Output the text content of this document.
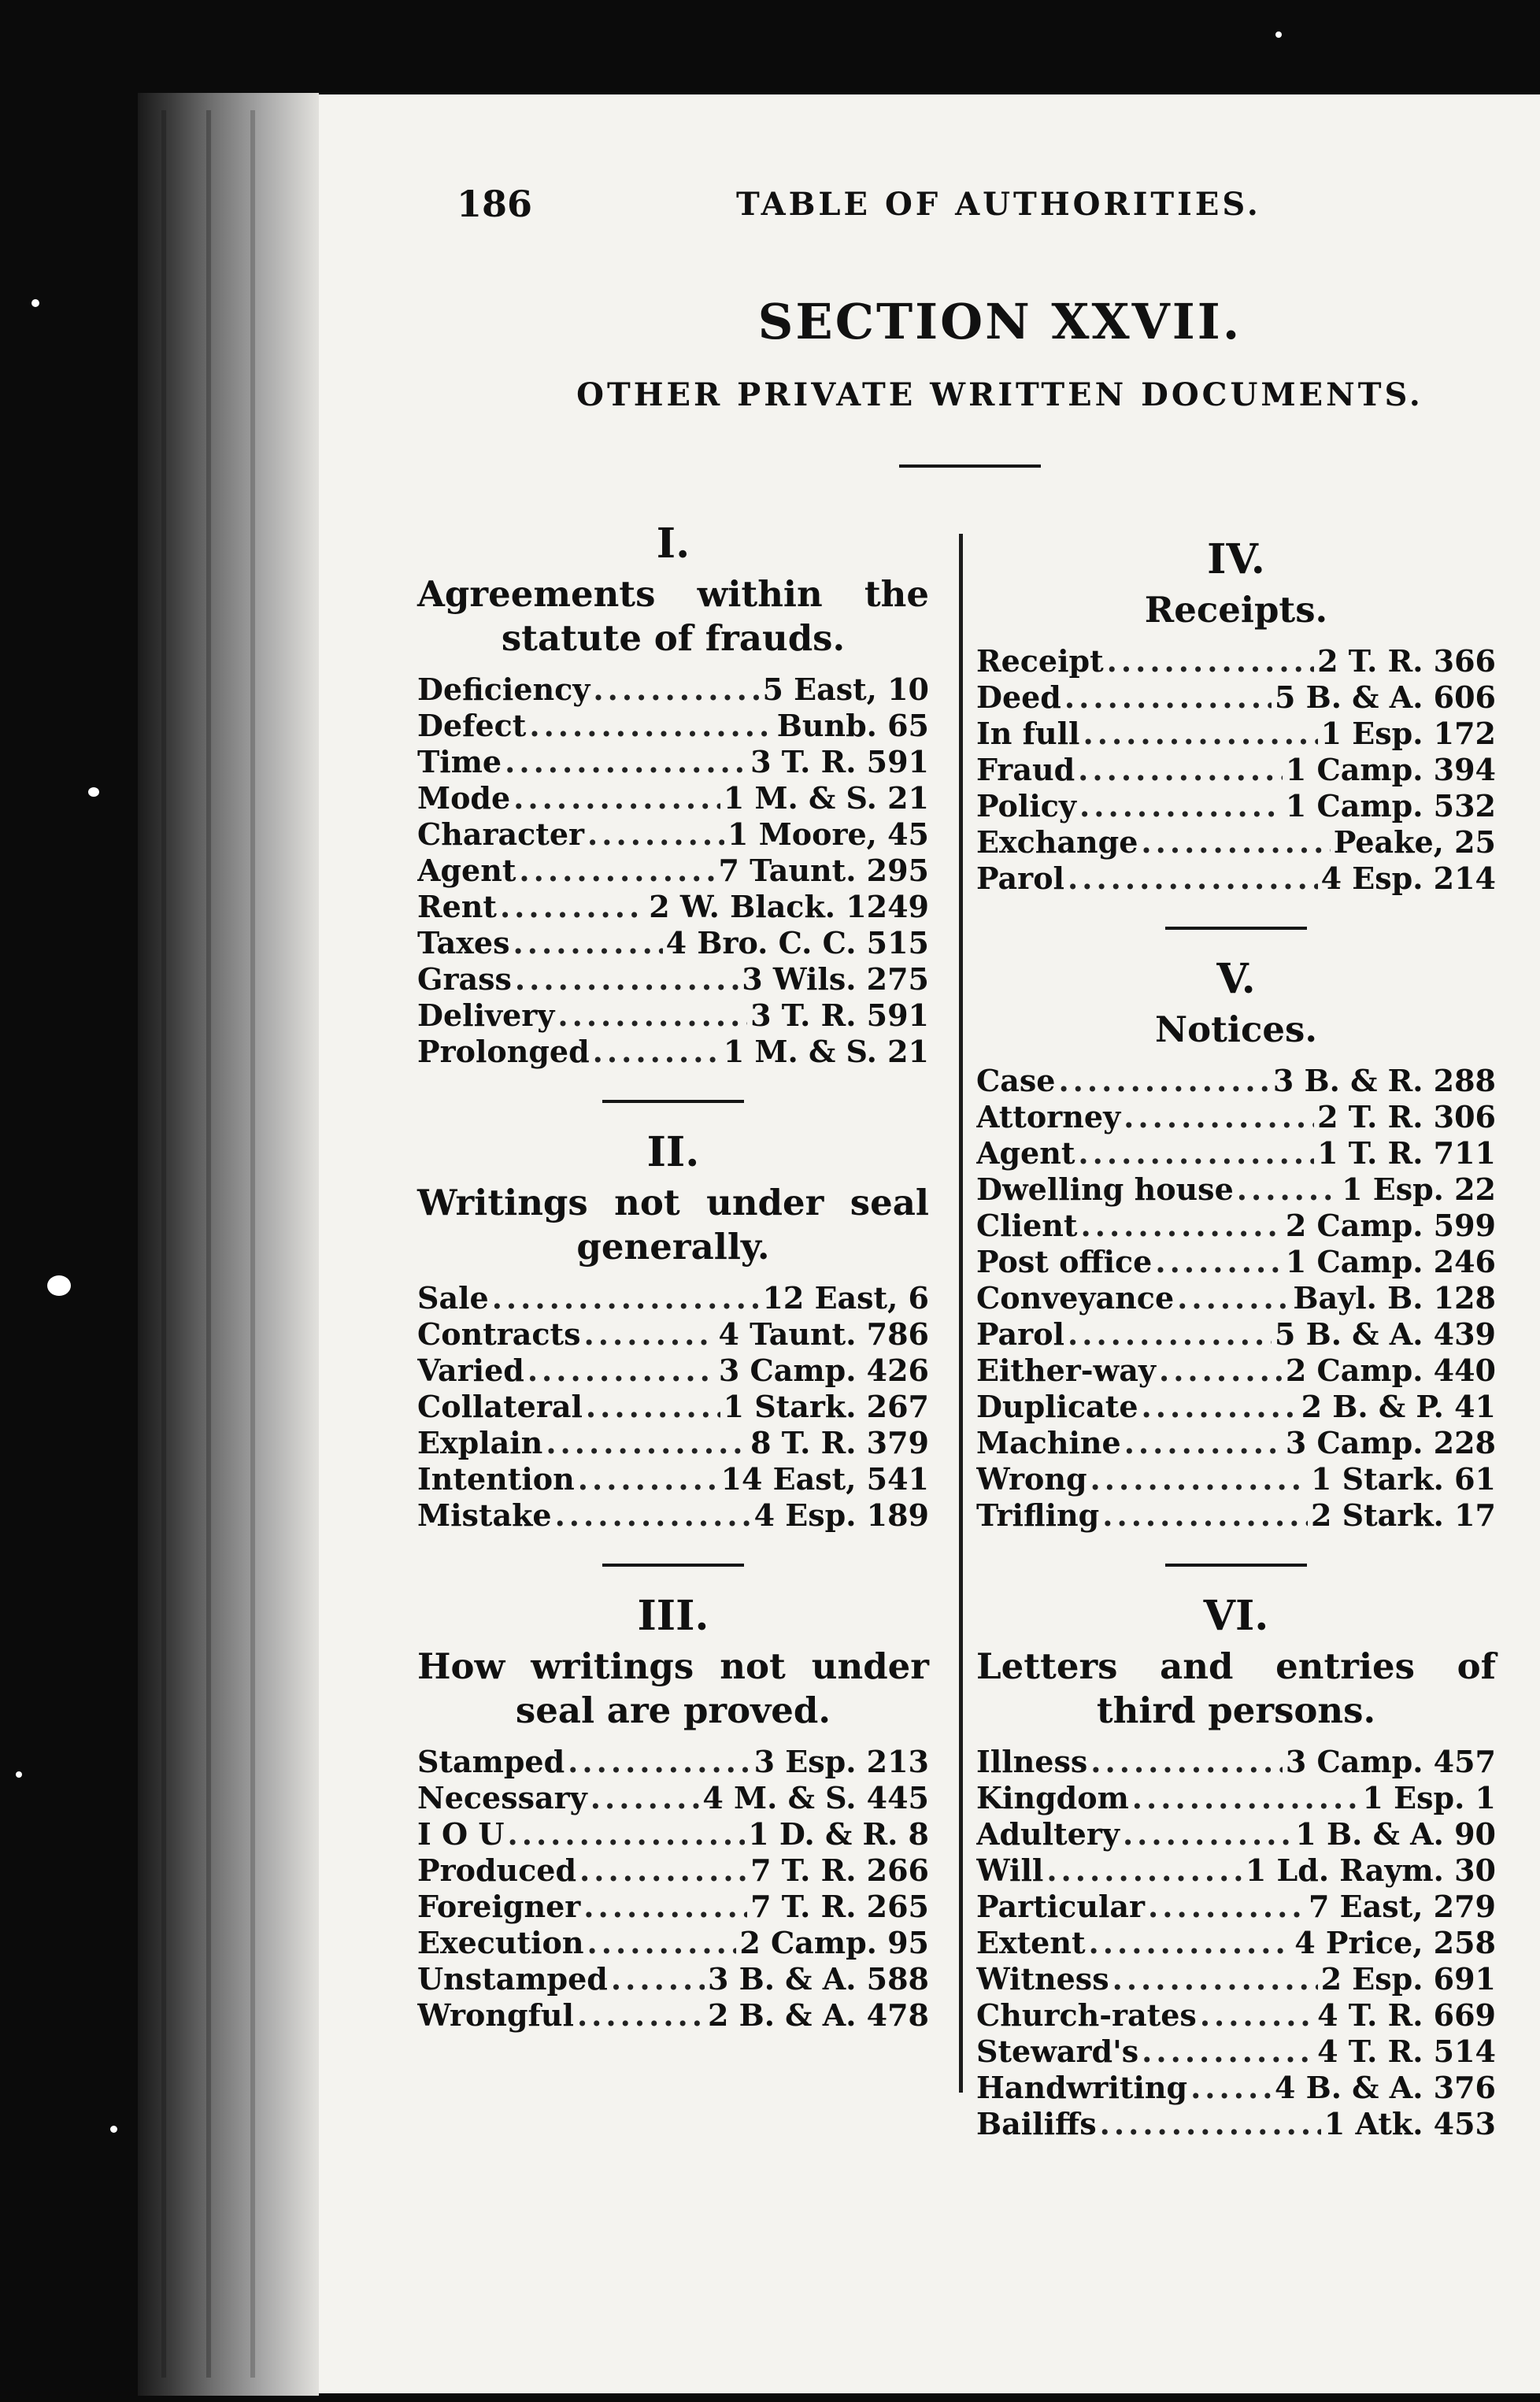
186	TABLE OF AUTHORITIES.
SECTION XXVII.
OTHER PRIVATE WRITTEN DOCUMENTS.
I.
Agreements within the statute of frauds.
Deficiency .....	5 East, 10
Defect .....	Bunb. 65
Time .....	3 T. R. 591
Mode .....	1 M. & S. 21
Character .....	1 Moore, 45
Agent .....	7 Taunt. 295
Rent .....	2 W. Black. 1249
Taxes .....	4 Bro. C. C. 515
Grass .....	3 Wils. 275
Delivery .....	3 T. R. 591
Prolonged .....	1 M. & S. 21
II.
Writings not under seal generally.
Sale .....	12 East, 6
Contracts .....	4 Taunt. 786
Varied .....	3 Camp. 426
Collateral .....	1 Stark. 267
Explain .....	8 T. R. 379
Intention .....	14 East, 541
Mistake .....	4 Esp. 189
III.
How writings not under seal are proved.
Stamped .....	3 Esp. 213
Necessary .....	4 M. & S. 445
I O U .....	1 D. & R. 8
Produced .....	7 T. R. 266
Foreigner .....	7 T. R. 265
Execution .....	2 Camp. 95
Unstamped .....	3 B. & A. 588
Wrongful .....	2 B. & A. 478
IV.
Receipts.
Receipt .....	2 T. R. 366
Deed .....	5 B. & A. 606
In full .....	1 Esp. 172
Fraud .....	1 Camp. 394
Policy .....	1 Camp. 532
Exchange .....	Peake, 25
Parol .....	4 Esp. 214
V.
Notices.
Case .....	3 B. & R. 288
Attorney .....	2 T. R. 306
Agent .....	1 T. R. 711
Dwelling house .....	1 Esp. 22
Client .....	2 Camp. 599
Post office .....	1 Camp. 246
Conveyance .....	Bayl. B. 128
Parol .....	5 B. & A. 439
Either-way .....	2 Camp. 440
Duplicate .....	2 B. & P. 41
Machine .....	3 Camp. 228
Wrong .....	1 Stark. 61
Trifling .....	2 Stark. 17
VI.
Letters and entries of third persons.
Illness .....	3 Camp. 457
Kingdom .....	1 Esp. 1
Adultery .....	1 B. & A. 90
Will .....	1 Ld. Raym. 30
Particular .....	7 East, 279
Extent .....	4 Price, 258
Witness .....	2 Esp. 691
Church-rates .....	4 T. R. 669
Steward's .....	4 T. R. 514
Handwriting .....	4 B. & A. 376
Bailiffs .....	1 Atk. 453
